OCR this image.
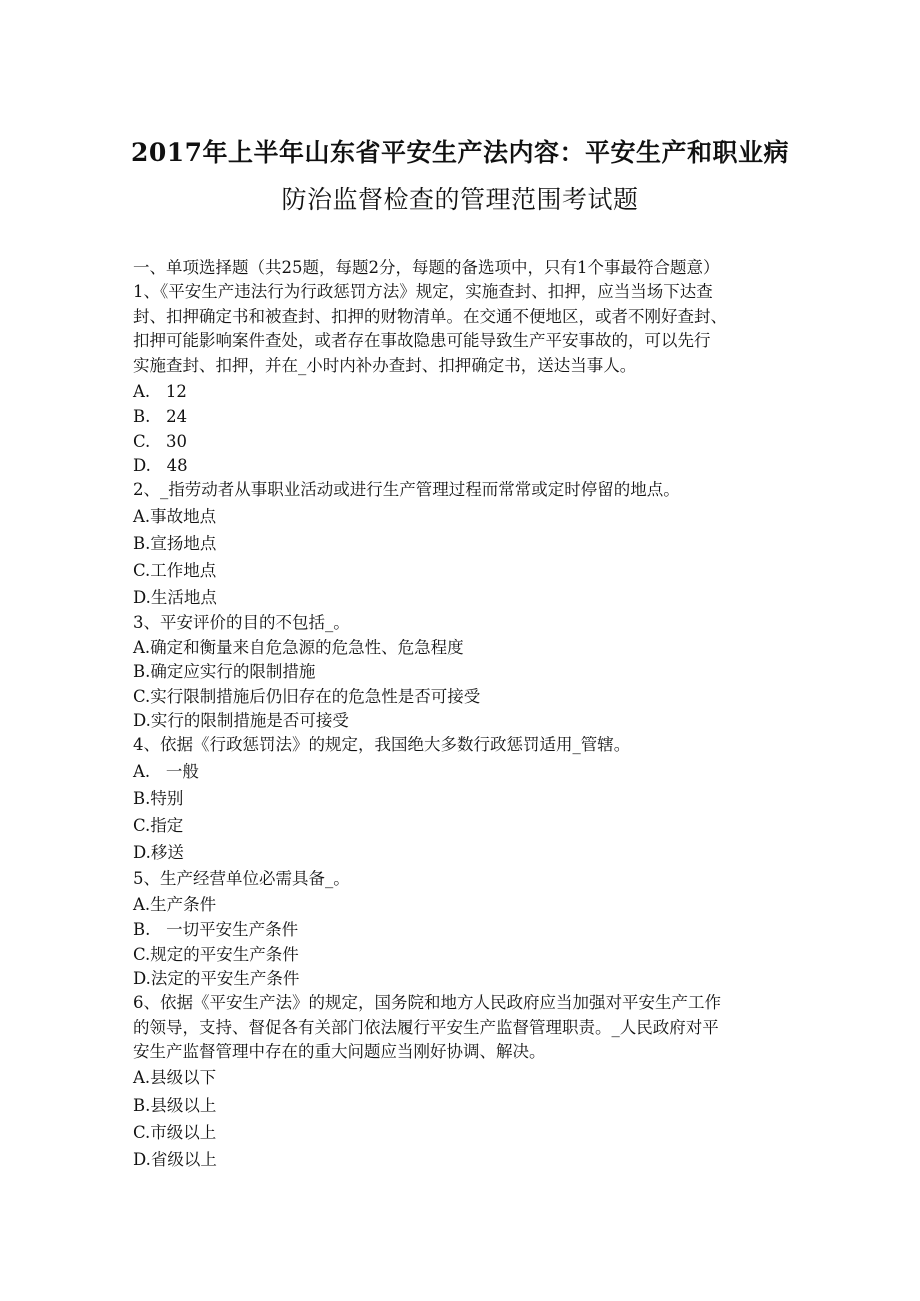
2017年上半年山东省平安生产法内容：平安生产和职业病
防治监督检查的管理范围考试题
一、单项选择题（共25题，每题2分，每题的备选项中，只有1个事最符合题意）
1、《平安生产违法行为行政惩罚方法》规定，实施查封、扣押，应当当场下达查
封、扣押确定书和被查封、扣押的财物清单。在交通不便地区，或者不刚好查封、
扣押可能影响案件查处，或者存在事故隐患可能导致生产平安事故的，可以先行
实施查封、扣押，并在_小时内补办查封、扣押确定书，送达当事人。
A.   12
B.   24
C.   30
D.   48
2、_指劳动者从事职业活动或进行生产管理过程而常常或定时停留的地点。
A.事故地点
B.宣扬地点
C.工作地点
D.生活地点
3、平安评价的目的不包括_。
A.确定和衡量来自危急源的危急性、危急程度
B.确定应实行的限制措施
C.实行限制措施后仍旧存在的危急性是否可接受
D.实行的限制措施是否可接受
4、依据《行政惩罚法》的规定，我国绝大多数行政惩罚适用_管辖。
A.   一般
B.特别
C.指定
D.移送
5、生产经营单位必需具备_。
A.生产条件
B.   一切平安生产条件
C.规定的平安生产条件
D.法定的平安生产条件
6、依据《平安生产法》的规定，国务院和地方人民政府应当加强对平安生产工作
的领导，支持、督促各有关部门依法履行平安生产监督管理职责。_人民政府对平
安生产监督管理中存在的重大问题应当刚好协调、解决。
A.县级以下
B.县级以上
C.市级以上
D.省级以上
